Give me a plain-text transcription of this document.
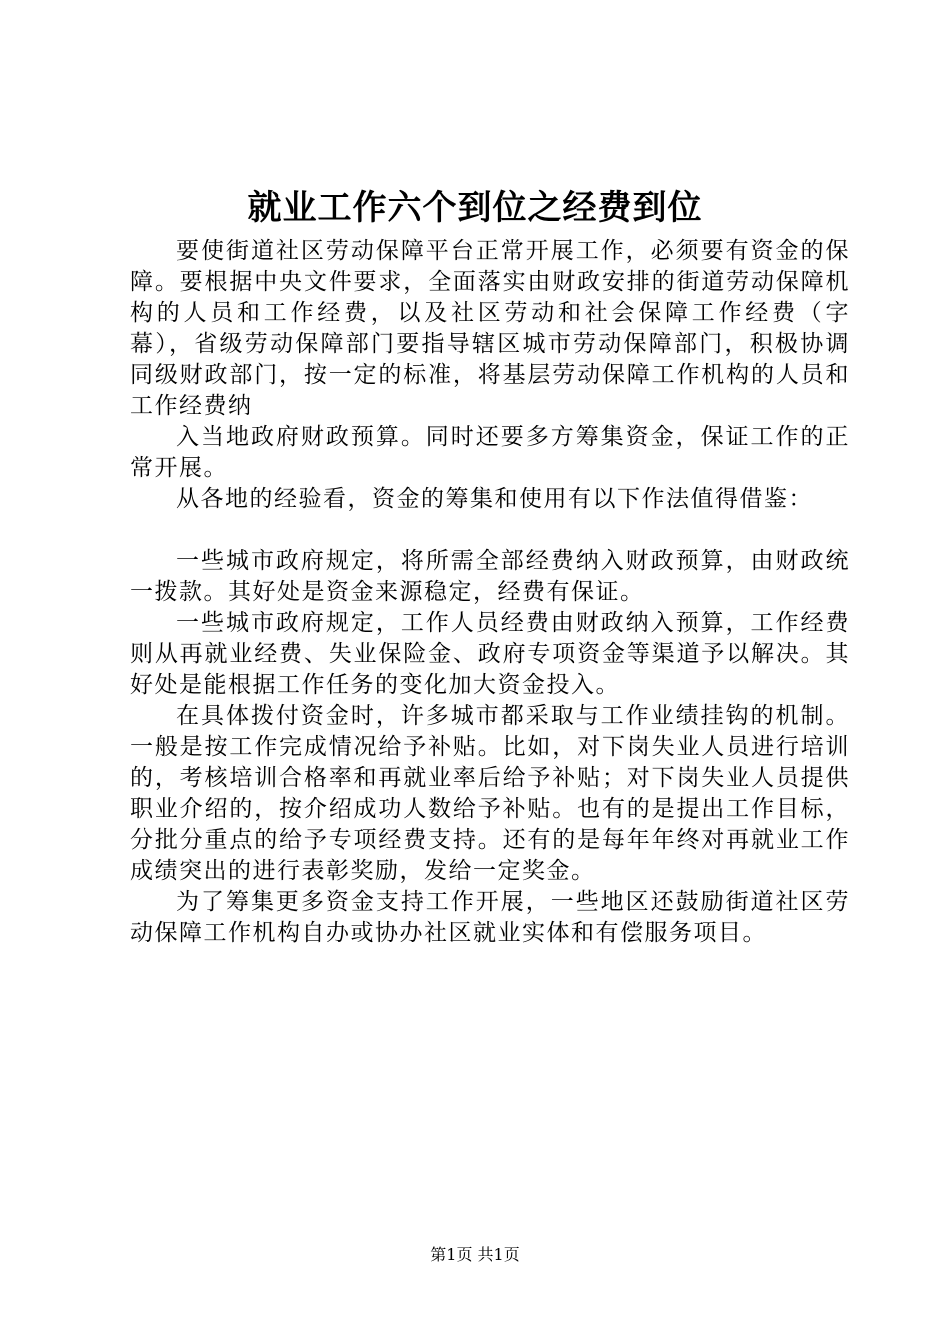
就业工作六个到位之经费到位

要使街道社区劳动保障平台正常开展工作，必须要有资金的保障。要根据中央文件要求，全面落实由财政安排的街道劳动保障机构的人员和工作经费，以及社区劳动和社会保障工作经费（字幕），省级劳动保障部门要指导辖区城市劳动保障部门，积极协调同级财政部门，按一定的标准，将基层劳动保障工作机构的人员和工作经费纳

入当地政府财政预算。同时还要多方筹集资金，保证工作的正常开展。

从各地的经验看，资金的筹集和使用有以下作法值得借鉴：

一些城市政府规定，将所需全部经费纳入财政预算，由财政统一拨款。其好处是资金来源稳定，经费有保证。

一些城市政府规定，工作人员经费由财政纳入预算，工作经费则从再就业经费、失业保险金、政府专项资金等渠道予以解决。其好处是能根据工作任务的变化加大资金投入。

在具体拨付资金时，许多城市都采取与工作业绩挂钩的机制。一般是按工作完成情况给予补贴。比如，对下岗失业人员进行培训的，考核培训合格率和再就业率后给予补贴；对下岗失业人员提供职业介绍的，按介绍成功人数给予补贴。也有的是提出工作目标，分批分重点的给予专项经费支持。还有的是每年年终对再就业工作成绩突出的进行表彰奖励，发给一定奖金。

为了筹集更多资金支持工作开展，一些地区还鼓励街道社区劳动保障工作机构自办或协办社区就业实体和有偿服务项目。

第1页 共1页
